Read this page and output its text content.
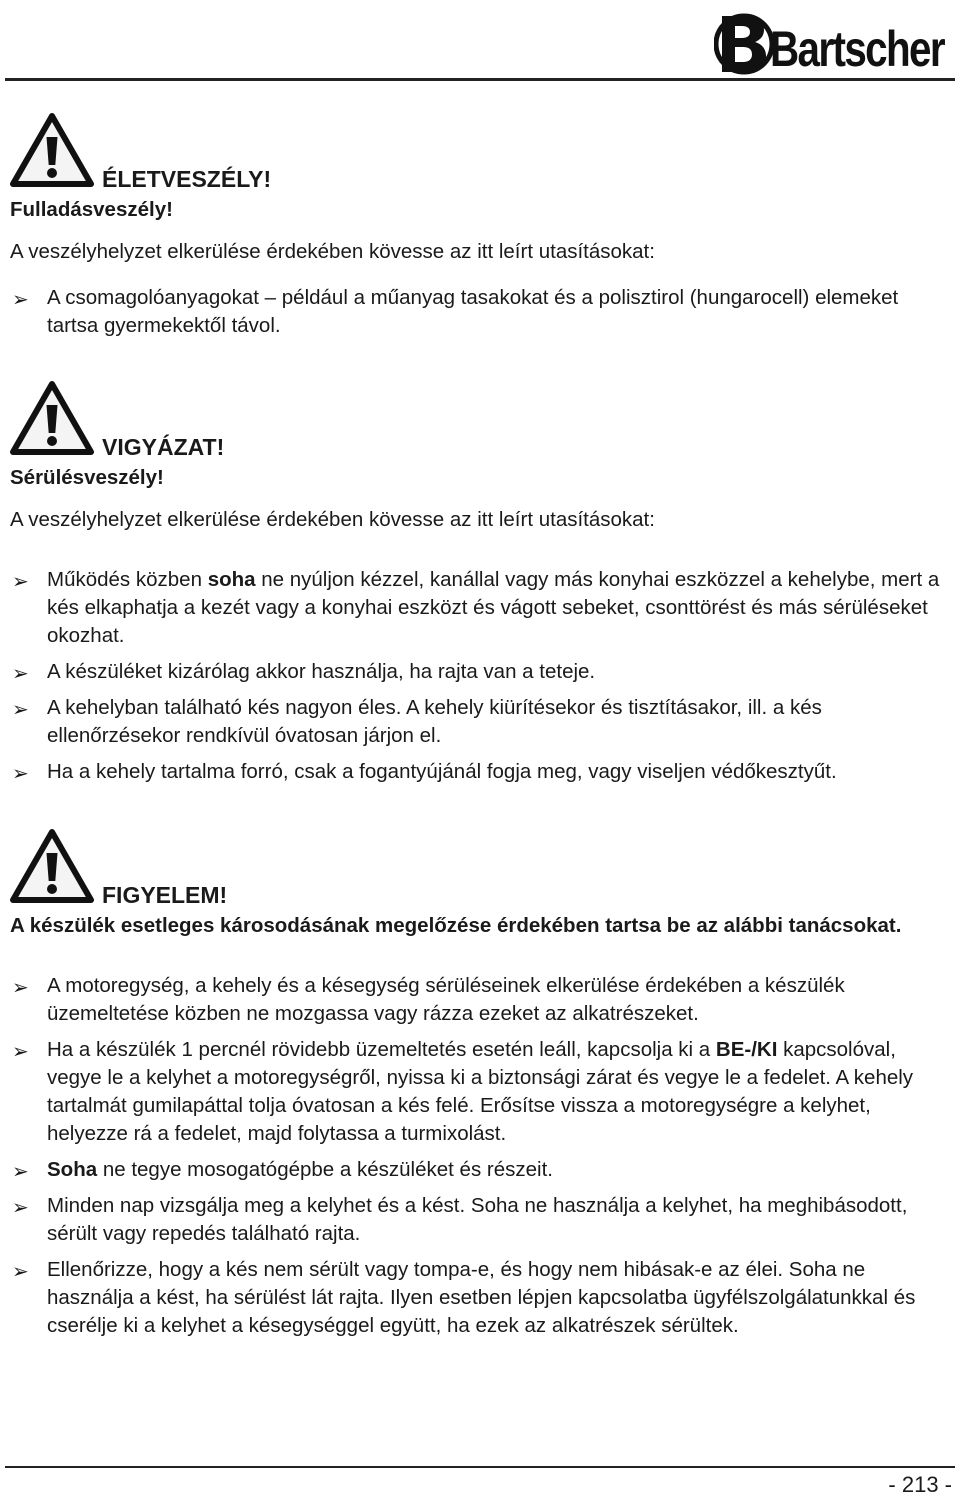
Bartscher
ÉLETVESZÉLY!
Fulladásveszély!
A veszélyhelyzet elkerülése érdekében kövesse az itt leírt utasításokat:
➢ A csomagolóanyagokat – például a műanyag tasakokat és a polisztirol (hungarocell) elemeket tartsa gyermekektől távol.
VIGYÁZAT!
Sérülésveszély!
A veszélyhelyzet elkerülése érdekében kövesse az itt leírt utasításokat:
➢ Működés közben soha ne nyúljon kézzel, kanállal vagy más konyhai eszközzel a kehelybe, mert a kés elkaphatja a kezét vagy a konyhai eszközt és vágott sebeket, csonttörést és más sérüléseket okozhat.
➢ A készüléket kizárólag akkor használja, ha rajta van a teteje.
➢ A kehelyban található kés nagyon éles. A kehely kiürítésekor és tisztításakor, ill. a kés ellenőrzésekor rendkívül óvatosan járjon el.
➢ Ha a kehely tartalma forró, csak a fogantyújánál fogja meg, vagy viseljen védőkesztyűt.
FIGYELEM!
A készülék esetleges károsodásának megelőzése érdekében tartsa be az alábbi tanácsokat.
➢ A motoregység, a kehely és a késegység sérüléseinek elkerülése érdekében a készülék üzemeltetése közben ne mozgassa vagy rázza ezeket az alkatrészeket.
➢ Ha a készülék 1 percnél rövidebb üzemeltetés esetén leáll, kapcsolja ki a BE-/KI kapcsolóval, vegye le a kelyhet a motoregységről, nyissa ki a biztonsági zárat és vegye le a fedelet. A kehely tartalmát gumilapáttal tolja óvatosan a kés felé. Erősítse vissza a motoregységre a kelyhet, helyezze rá a fedelet, majd folytassa a turmixolást.
➢ Soha ne tegye mosogatógépbe a készüléket és részeit.
➢ Minden nap vizsgálja meg a kelyhet és a kést. Soha ne használja a kelyhet, ha meghibásodott, sérült vagy repedés található rajta.
➢ Ellenőrizze, hogy a kés nem sérült vagy tompa-e, és hogy nem hibásak-e az élei. Soha ne használja a kést, ha sérülést lát rajta. Ilyen esetben lépjen kapcsolatba ügyfélszolgálatunkkal és cserélje ki a kelyhet a késegységgel együtt, ha ezek az alkatrészek sérültek.
- 213 -
